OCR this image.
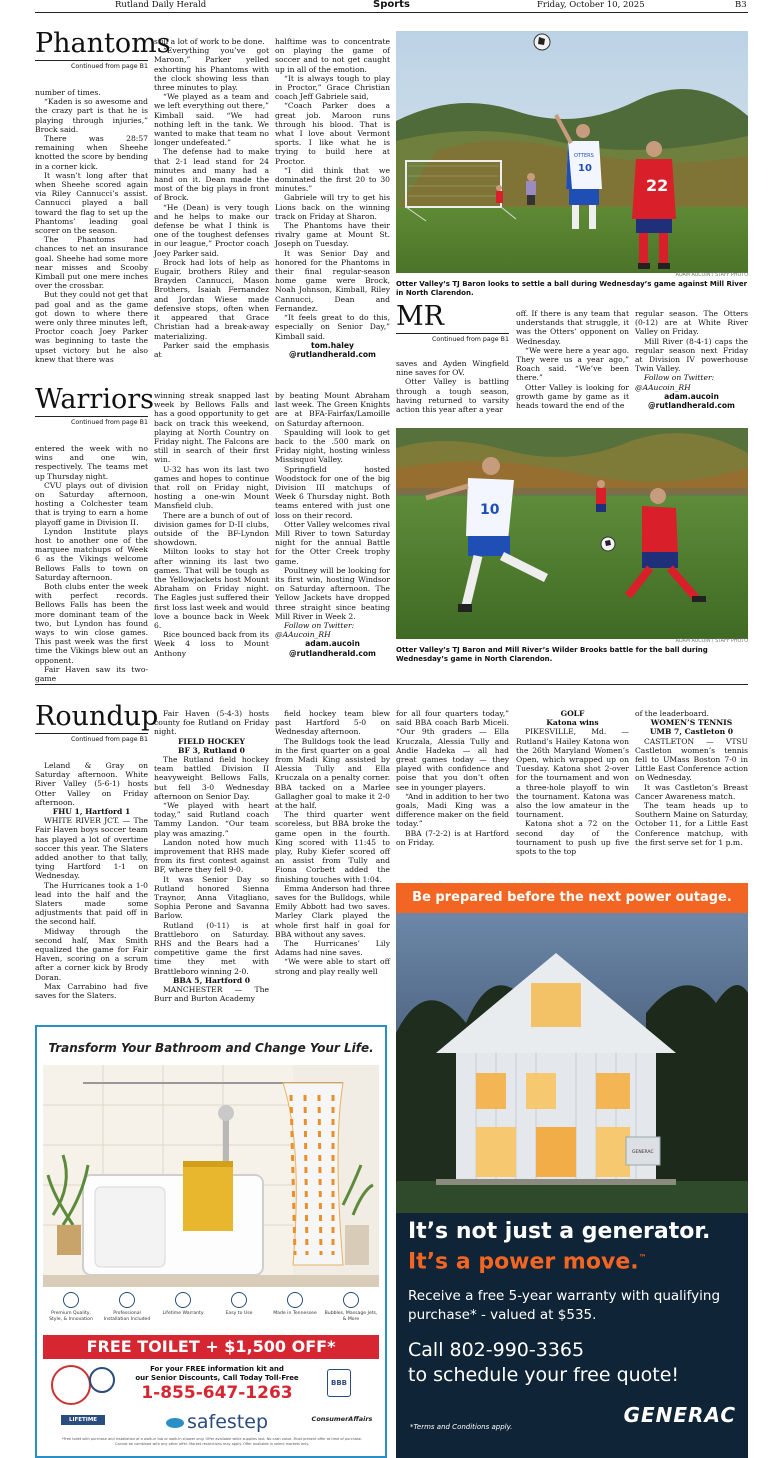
Rutland Daily Herald	Sports	Friday, October 10, 2025	B3
Phantoms
Continued from page B1

number of times.

“Kaden is so awesome and the crazy part is that he is playing through injuries,” Brock said.

There was 28:57 remaining when Sheehe knotted the score by bending in a corner kick.

It wasn’t long after that when Sheehe scored again via Riley Cannucci’s assist. Cannucci played a ball toward the flag to set up the Phantoms’ leading goal scorer on the season.

The Phantoms had chances to net an insurance goal. Sheehe had some more near misses and Scooby Kimball put one mere inches over the crossbar.

But they could not get that pad goal and as the game got down to where there were only three minutes left, Proctor coach Joey Parker was beginning to taste the upset victory but he also knew that there was

still a lot of work to be done.

“Everything you’ve got Maroon,” Parker yelled exhorting his Phantoms with the clock showing less than three minutes to play.

“We played as a team and we left everything out there,” Kimball said. “We had nothing left in the tank. We wanted to make that team no longer undefeated.”

The defense had to make that 2-1 lead stand for 24 minutes and many had a hand on it. Dean made the most of the big plays in front of Brock.

“He (Dean) is very tough and he helps to make our defense be what I think is one of the toughest defenses in our league,” Proctor coach Joey Parker said.

Brock had lots of help as Eugair, brothers Riley and Brayden Cannucci, Mason Brothers, Isaiah Fernandez and Jordan Wiese made defensive stops, often when it appeared that Grace Christian had a break-away materializing.

Parker said the emphasis at

halftime was to concentrate on playing the game of soccer and to not get caught up in all of the emotion.

“It is always tough to play in Proctor,” Grace Christian coach Jeff Gabriele said,

“Coach Parker does a great job. Maroon runs through his blood. That is what I love about Vermont sports. I like what he is trying to build here at Proctor.

“I did think that we dominated the first 20 to 30 minutes.”

Gabriele will try to get his Lions back on the winning track on Friday at Sharon.

The Phantoms have their rivalry game at Mount St. Joseph on Tuesday.

It was Senior Day and honored for the Phantoms in their final regular-season home game were Brock, Noah Johnson, Kimball, Riley Cannucci, Dean and Fernandez.

“It feels great to do this, especially on Senior Day,” Kimball said.

tom.haley

@rutlandherald.com

OTTERS
10
22
ADAM AUCOIN / STAFF PHOTO
Otter Valley’s TJ Baron looks to settle a ball during Wednesday’s game against Mill River in North Clarendon.
MR
Continued from page B1

saves and Ayden Wingfield nine saves for OV.

Otter Valley is battling through a tough season, having returned to varsity action this year after a year

off. If there is any team that understands that struggle, it was the Otters’ opponent on Wednesday.

“We were here a year ago. They were us a year ago,” Roach said. “We’ve been there.”

Otter Valley is looking for growth game by game as it heads toward the end of the

regular season. The Otters (0-12) are at White River Valley on Friday.

Mill River (8-4-1) caps the regular season next Friday at Division IV powerhouse Twin Valley.

Follow on Twitter: @AAucoin_RH

adam.aucoin

@rutlandherald.com

10
ADAM AUCOIN / STAFF PHOTO
Otter Valley’s TJ Baron and Mill River’s Wilder Brooks battle for the ball during Wednesday’s game in North Clarendon.
Warriors
Continued from page B1

entered the week with no wins and one win, respectively. The teams met up Thursday night.

CVU plays out of division on Saturday afternoon, hosting a Colchester team that is trying to earn a home playoff game in Division II.

Lyndon Institute plays host to another one of the marquee matchups of Week 6 as the Vikings welcome Bellows Falls to town on Saturday afternoon.

Both clubs enter the week with perfect records. Bellows Falls has been the more dominant team of the two, but Lyndon has found ways to win close games. This past week was the first time the Vikings blew out an opponent.

Fair Haven saw its two-game

winning streak snapped last week by Bellows Falls and has a good opportunity to get back on track this weekend, playing at North Country on Friday night. The Falcons are still in search of their first win.

U-32 has won its last two games and hopes to continue that roll on Friday night, hosting a one-win Mount Mansfield club.

There are a bunch of out of division games for D-II clubs, outside of the BF-Lyndon showdown.

Milton looks to stay hot after winning its last two games. That will be tough as the Yellowjackets host Mount Abraham on Friday night. The Eagles just suffered their first loss last week and would love a bounce back in Week 6.

Rice bounced back from its Week 4 loss to Mount Anthony

by beating Mount Abraham last week. The Green Knights are at BFA-Fairfax/Lamoille on Saturday afternoon.

Spaulding will look to get back to the .500 mark on Friday night, hosting winless Missisquoi Valley.

Springfield hosted Woodstock for one of the big Division III matchups of Week 6 Thursday night. Both teams entered with just one loss on their record.

Otter Valley welcomes rival Mill River to town Saturday night for the annual Battle for the Otter Creek trophy game.

Poultney will be looking for its first win, hosting Windsor on Saturday afternoon. The Yellow Jackets have dropped three straight since beating Mill River in Week 2.

Follow on Twitter: @AAucoin_RH

adam.aucoin

@rutlandherald.com

Roundup
Continued from page B1

Leland & Gray on Saturday afternoon. White River Valley (5-6-1) hosts Otter Valley on Friday afternoon.

FHU 1, Hartford 1

WHITE RIVER JCT. — The Fair Haven boys soccer team has played a lot of overtime soccer this year. The Slaters added another to that tally, tying Hartford 1-1 on Wednesday.

The Hurricanes took a 1-0 lead into the half and the Slaters made some adjustments that paid off in the second half.

Midway through the second half, Max Smith equalized the game for Fair Haven, scoring on a scrum after a corner kick by Brody Doran.

Max Carrabino had five saves for the Slaters.

Fair Haven (5-4-3) hosts county foe Rutland on Friday night.

FIELD HOCKEY

BF 3, Rutland 0

The Rutland field hockey team battled Division II heavyweight Bellows Falls, but fell 3-0 Wednesday afternoon on Senior Day.

“We played with heart today,” said Rutland coach Tammy Landon. “Our team play was amazing.”

Landon noted how much improvement that RHS made from its first contest against BF, where they fell 9-0.

It was Senior Day so Rutland honored Sienna Traynor, Anna Vitagliano, Sophia Perone and Savanna Barlow.

Rutland (0-11) is at Brattleboro on Saturday. RHS and the Bears had a competitive game the first time they met with Brattleboro winning 2-0.

BBA 5, Hartford 0

MANCHESTER — The Burr and Burton Academy

field hockey team blew past Hartford 5-0 on Wednesday afternoon.

The Bulldogs took the lead in the first quarter on a goal from Madi King assisted by Alessia Tully and Ella Kruczala on a penalty corner. BBA tacked on a Marlee Gallagher goal to make it 2-0 at the half.

The third quarter went scoreless, but BBA broke the game open in the fourth. King scored with 11:45 to play, Ruby Kiefer scored off an assist from Tully and Fiona Corbett added the finishing touches with 1:04.

Emma Anderson had three saves for the Bulldogs, while Emily Abbott had two saves. Marley Clark played the whole first half in goal for BBA without any saves.

The Hurricanes’ Lily Adams had nine saves.

“We were able to start off strong and play really well

for all four quarters today,” said BBA coach Barb Miceli. “Our 9th graders — Ella Kruczala, Alessia Tully and Andie Hadeka — all had great games today — they played with confidence and poise that you don’t often see in younger players.

“And in addition to her two goals, Madi King was a difference maker on the field today.”

BBA (7-2-2) is at Hartford on Friday.

GOLF

Katona wins

PIKESVILLE, Md. — Rutland’s Hailey Katona won the 26th Maryland Women’s Open, which wrapped up on Tuesday. Katona shot 2-over for the tournament and won a three-hole playoff to win the tournament. Katona was also the low amateur in the tournament.

Katona shot a 72 on the second day of the tournament to push up five spots to the top

of the leaderboard.

WOMEN’S TENNIS

UMB 7, Castleton 0

CASTLETON — VTSU Castleton women’s tennis fell to UMass Boston 7-0 in Little East Conference action on Wednesday.

It was Castleton’s Breast Cancer Awareness match.

The team heads up to Southern Maine on Saturday, October 11, for a Little East Conference matchup, with the first serve set for 1 p.m.

Transform Your Bathroom and Change Your Life.
Premium Quality, Style, & Innovation
Professional Installation Included
Lifetime Warranty	Easy to Use	Made in Tennessee	Bubbles, Massage Jets, & More
FREE TOILET + $1,500 OFF*
For your FREE information kit and
our Senior Discounts, Call Today Toll-Free
1-855-647-1263
safestep
LIFETIME
BBB
ConsumerAffairs
*Free toilet with purchase and installation of a walk-in tub or walk-in shower only. Offer available while supplies last. No cash value. Must present offer at time of purchase. Cannot be combined with any other offer. Market restrictions may apply. Offer available in select markets only.
Be prepared before the next power outage.
GENERAC
It’s not just a generator.
It’s a power move.™
Receive a free 5-year warranty with qualifying purchase* - valued at $535.
Call 802-990-3365
to schedule your free quote!
*Terms and Conditions apply.	GENERAC
